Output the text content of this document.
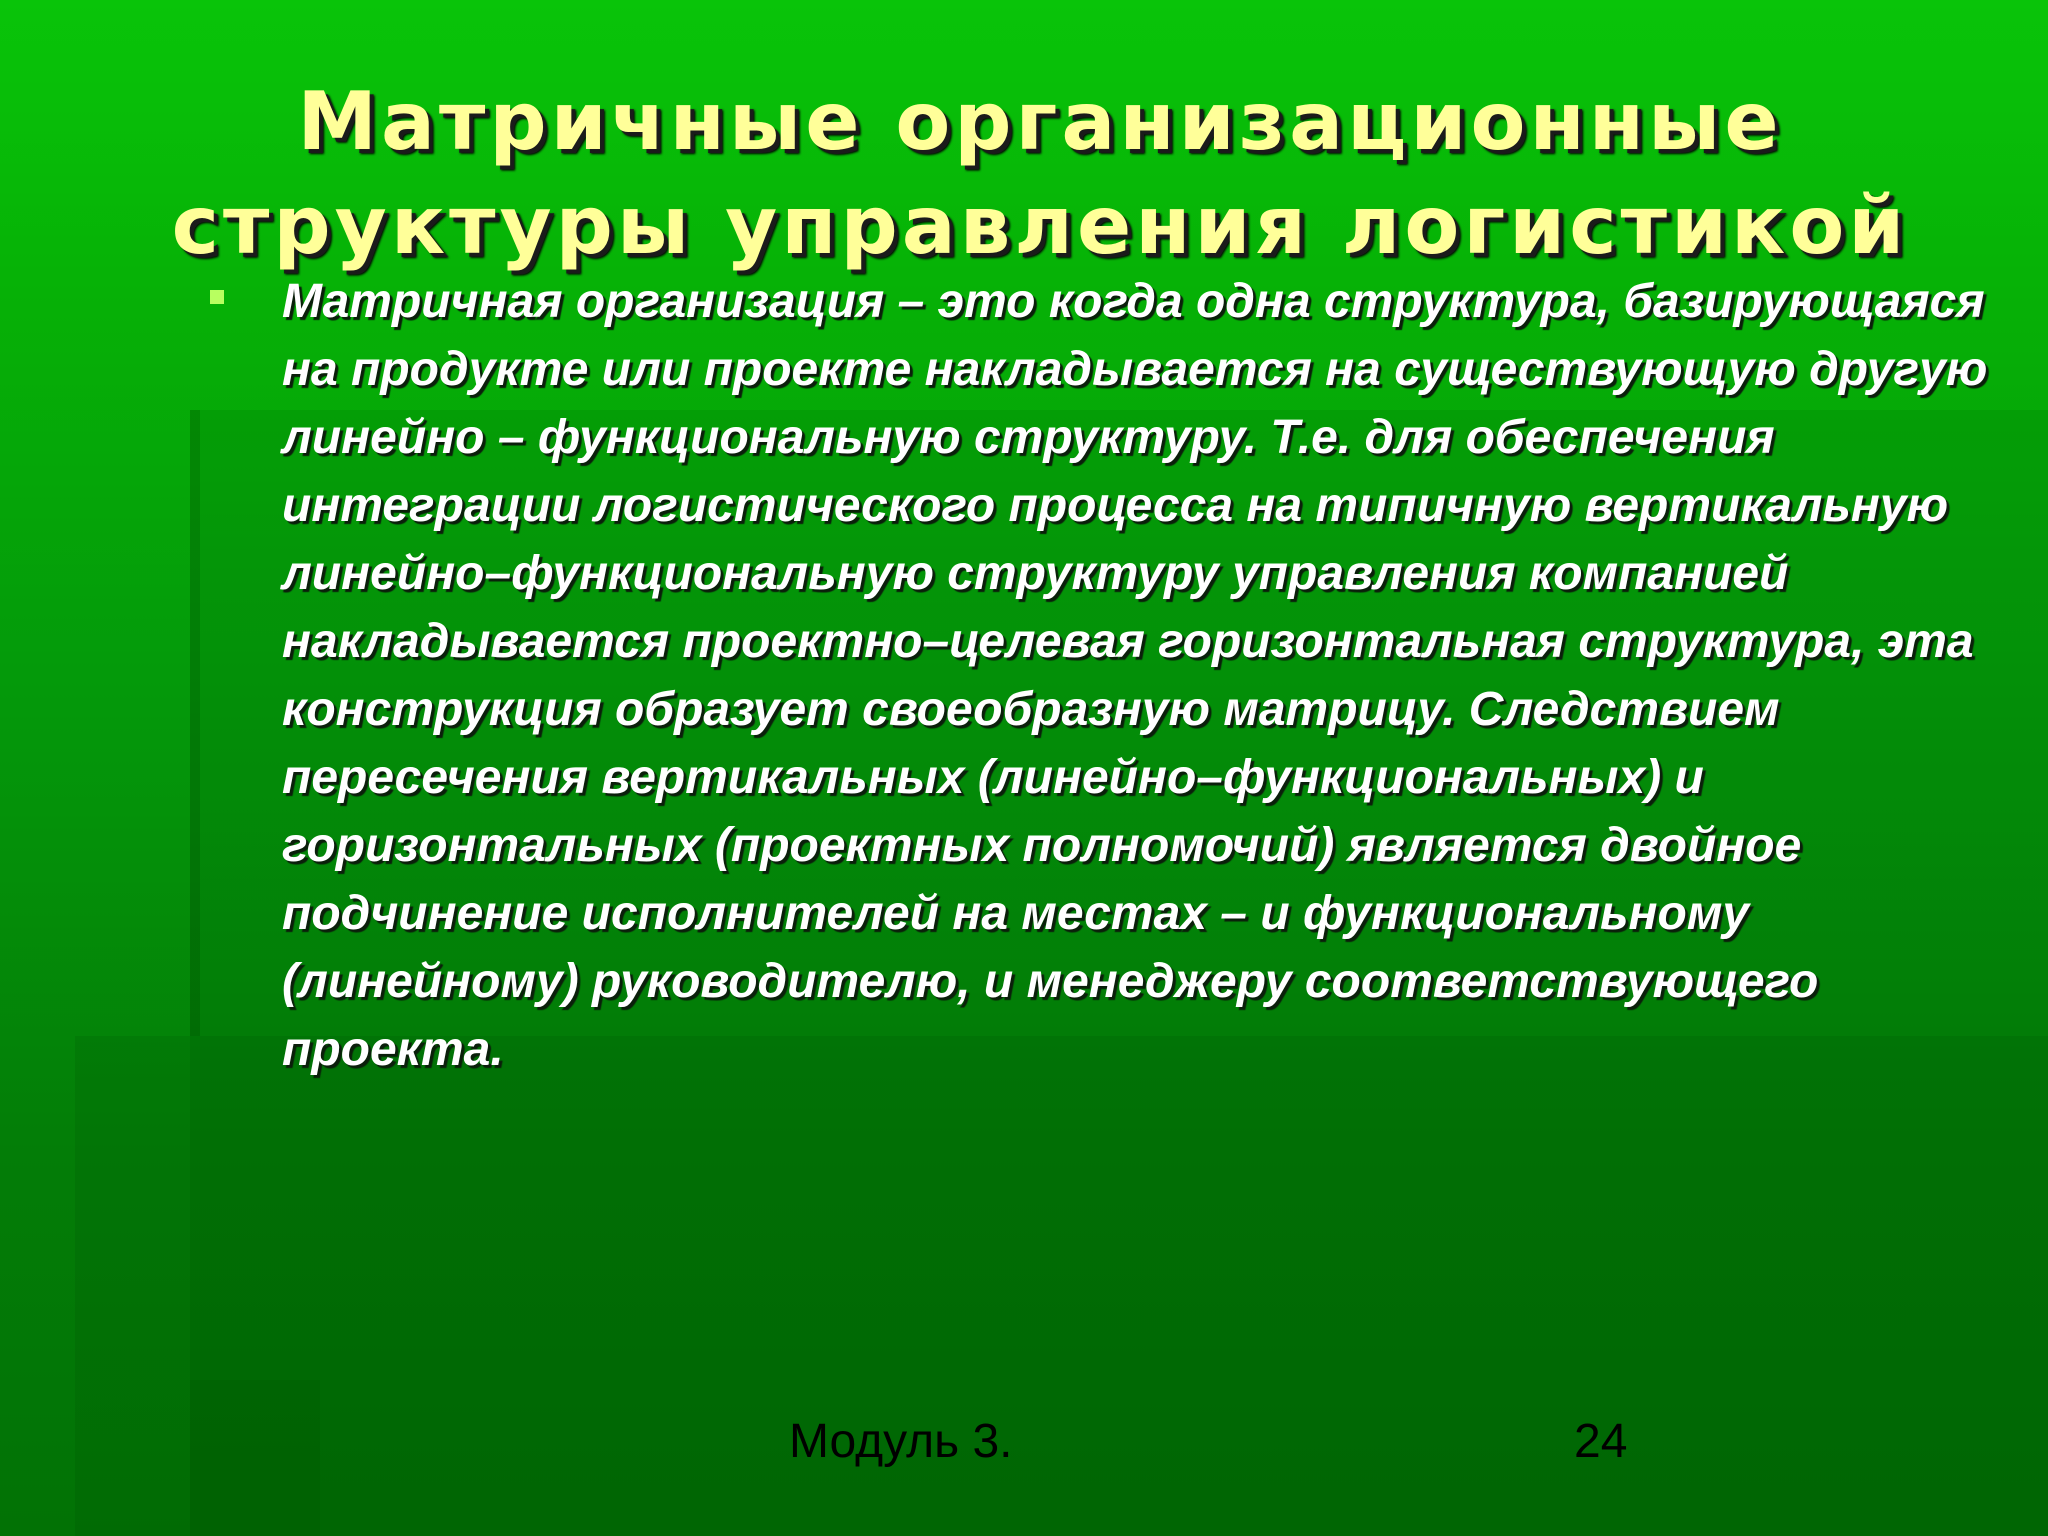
Матричные организационные
структуры управления логистикой

Матричная организация – это когда одна структура, базирующаяся на продукте или проекте накладывается на существующую другую линейно – функциональную структуру. Т.е. для обеспечения интеграции логистического процесса на типичную вертикальную линейно–функциональную структуру управления компанией накладывается проектно–целевая горизонтальная структура, эта конструкция образует своеобразную матрицу. Следствием пересечения вертикальных (линейно–функциональных) и горизонтальных (проектных полномочий) является двойное подчинение исполнителей на местах – и функциональному (линейному) руководителю, и менеджеру соответствующего проекта.

Модуль 3.	24
